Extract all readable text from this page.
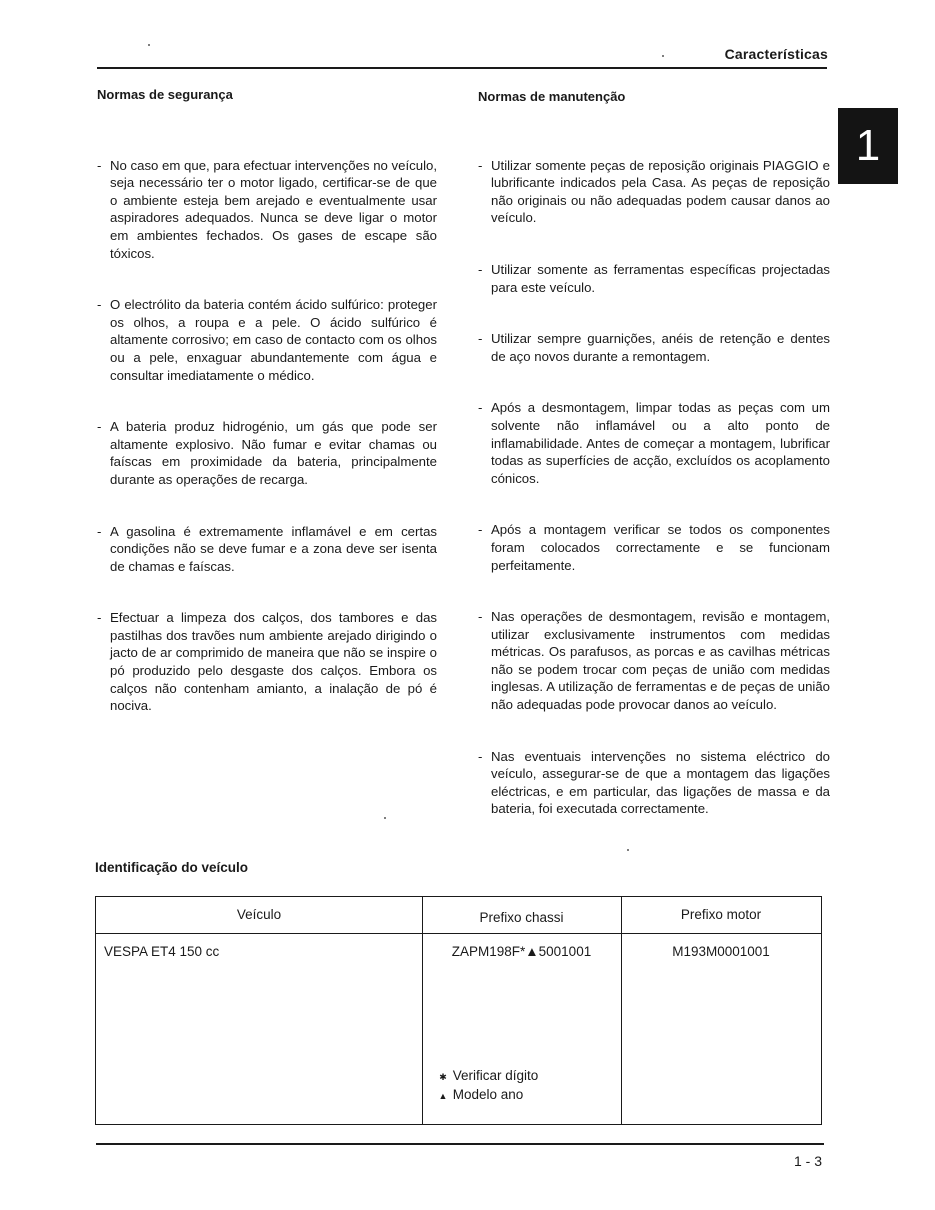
Características
1
Normas de segurança
- No caso em que, para efectuar intervenções no veículo, seja necessário ter o motor ligado, certificar-se de que o ambiente esteja bem arejado e eventualmente usar aspiradores adequados. Nunca se deve ligar o motor em ambientes fechados. Os gases de escape são tóxicos.
- O electrólito da bateria contém ácido sulfúrico: proteger os olhos, a roupa e a pele. O ácido sulfúrico é altamente corrosivo; em caso de contacto com os olhos ou a pele, enxaguar abundantemente com água e consultar imediatamente o médico.
- A bateria produz hidrogénio, um gás que pode ser altamente explosivo. Não fumar e evitar chamas ou faíscas em proximidade da bateria, principalmente durante as operações de recarga.
- A gasolina é extremamente inflamável e em certas condições não se deve fumar e a zona deve ser isenta de chamas e faíscas.
- Efectuar a limpeza dos calços, dos tambores e das pastilhas dos travões num ambiente arejado dirigindo o jacto de ar comprimido de maneira que não se inspire o pó produzido pelo desgaste dos calços. Embora os calços não contenham amianto, a inalação de pó é nociva.
Normas de manutenção
- Utilizar somente peças de reposição originais PIAGGIO e lubrificante indicados pela Casa. As peças de reposição não originais ou não adequadas podem causar danos ao veículo.
- Utilizar somente as ferramentas específicas projectadas para este veículo.
- Utilizar sempre guarnições, anéis de retenção e dentes de aço novos durante a remontagem.
- Após a desmontagem, limpar todas as peças com um solvente não inflamável ou a alto ponto de inflamabilidade. Antes de começar a montagem, lubrificar todas as superfícies de acção, excluídos os acoplamento cónicos.
- Após a montagem verificar se todos os componentes foram colocados correctamente e se funcionam perfeitamente.
- Nas operações de desmontagem, revisão e montagem, utilizar exclusivamente instrumentos com medidas métricas. Os parafusos, as porcas e as cavilhas métricas não se podem trocar com peças de união com medidas inglesas. A utilização de ferramentas e de peças de união não adequadas pode provocar danos ao veículo.
- Nas eventuais intervenções no sistema eléctrico do veículo, assegurar-se de que a montagem das ligações eléctricas, e em particular, das ligações de massa e da bateria, foi executada correctamente.
Identificação do veículo
Veículo	Prefixo chassi	Prefixo motor
VESPA ET4 150 cc	ZAPM198F*▲5001001	M193M0001001
✱ Verificar dígito
▲ Modelo ano
1 - 3
